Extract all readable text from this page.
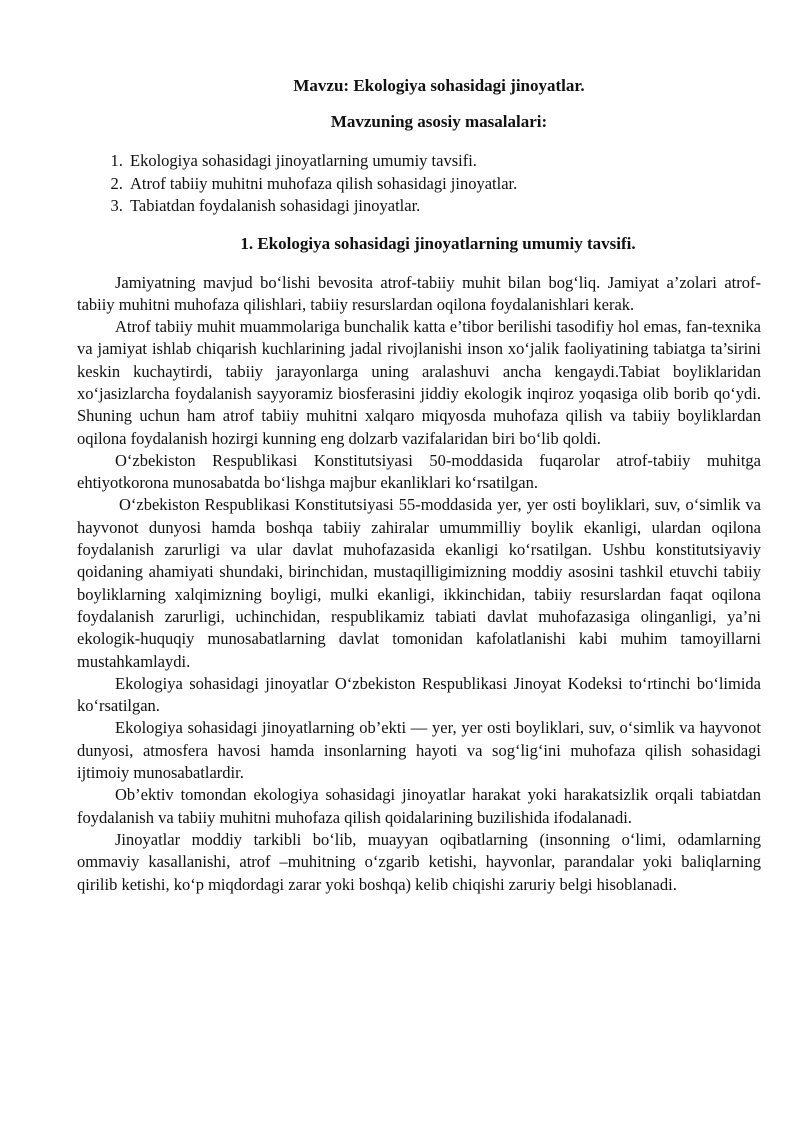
Mavzu: Ekologiya sohasidagi jinoyatlar.
Mavzuning asosiy masalalari:
1. Ekologiya sohasidagi jinoyatlarning umumiy tavsifi.
2. Atrof tabiiy muhitni muhofaza qilish sohasidagi jinoyatlar.
3. Tabiatdan foydalanish sohasidagi jinoyatlar.
1. Ekologiya sohasidagi jinoyatlarning umumiy tavsifi.

Jamiyatning mavjud bo‘lishi bevosita atrof-tabiiy muhit bilan bog‘liq. Jamiyat a’zolari atrof-tabiiy muhitni muhofaza qilishlari, tabiiy resurslardan oqilona foydalanishlari kerak.

Atrof tabiiy muhit muammolariga bunchalik katta e’tibor berilishi tasodifiy hol emas, fan-texnika va jamiyat ishlab chiqarish kuchlarining jadal rivojlanishi inson xo‘jalik faoliyatining tabiatga ta’sirini keskin kuchaytirdi, tabiiy jarayonlarga uning aralashuvi ancha kengaydi.Tabiat boyliklaridan xo‘jasizlarcha foydalanish sayyoramiz biosferasini jiddiy ekologik inqiroz yoqasiga olib borib qo‘ydi. Shuning uchun ham atrof tabiiy muhitni xalqaro miqyosda muhofaza qilish va tabiiy boyliklardan oqilona foydalanish hozirgi kunning eng dolzarb vazifalaridan biri bo‘lib qoldi.

O‘zbekiston Respublikasi Konstitutsiyasi 50-moddasida fuqarolar atrof-tabiiy muhitga ehtiyotkorona munosabatda bo‘lishga majbur ekanliklari ko‘rsatilgan.

O‘zbekiston Respublikasi Konstitutsiyasi 55-moddasida yer, yer osti boyliklari, suv, o‘simlik va hayvonot dunyosi hamda boshqa tabiiy zahiralar umummilliy boylik ekanligi, ulardan oqilona foydalanish zarurligi va ular davlat muhofazasida ekanligi ko‘rsatilgan. Ushbu konstitutsiyaviy qoidaning ahamiyati shundaki, birinchidan, mustaqilligimizning moddiy asosini tashkil etuvchi tabiiy boyliklarning xalqimizning boyligi, mulki ekanligi, ikkinchidan, tabiiy resurslardan faqat oqilona foydalanish zarurligi, uchinchidan, respublikamiz tabiati davlat muhofazasiga olinganligi, ya’ni ekologik-huquqiy munosabatlarning davlat tomonidan kafolatlanishi kabi muhim tamoyillarni mustahkamlaydi.

Ekologiya sohasidagi jinoyatlar O‘zbekiston Respublikasi Jinoyat Kodeksi to‘rtinchi bo‘limida ko‘rsatilgan.

Ekologiya sohasidagi jinoyatlarning ob’ekti — yer, yer osti boyliklari, suv, o‘simlik va hayvonot dunyosi, atmosfera havosi hamda insonlarning hayoti va sog‘lig‘ini muhofaza qilish sohasidagi ijtimoiy munosabatlardir.

Ob’ektiv tomondan ekologiya sohasidagi jinoyatlar harakat yoki harakatsizlik orqali tabiatdan foydalanish va tabiiy muhitni muhofaza qilish qoidalarining buzilishida ifodalanadi.

Jinoyatlar moddiy tarkibli bo‘lib, muayyan oqibatlarning (insonning o‘limi, odamlarning ommaviy kasallanishi, atrof –muhitning o‘zgarib ketishi, hayvonlar, parandalar yoki baliqlarning qirilib ketishi, ko‘p miqdordagi zarar yoki boshqa) kelib chiqishi zaruriy belgi hisoblanadi.
